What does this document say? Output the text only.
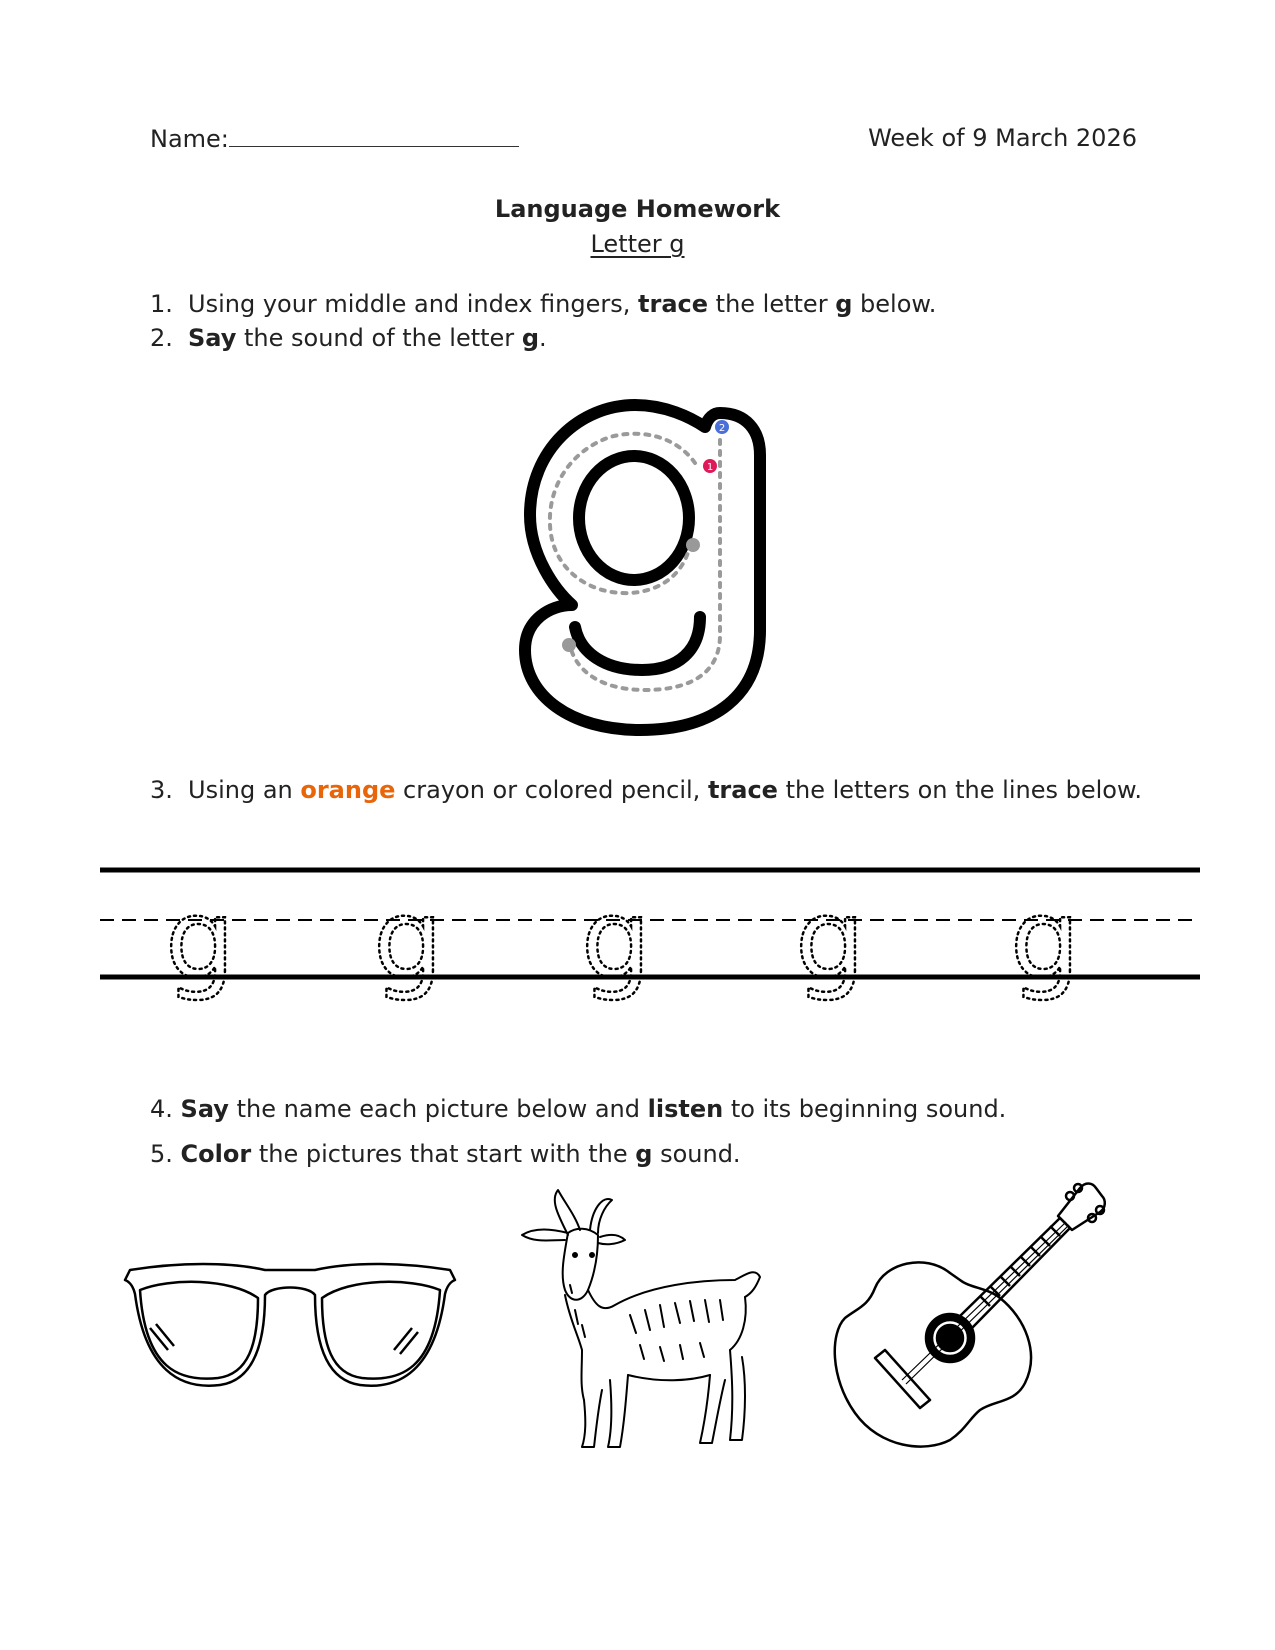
Name:	Week of 9 March 2026
Language Homework
Letter g
1. Using your middle and index fingers, trace the letter g below.
2. Say the sound of the letter g.
2
1
3. Using an orange crayon or colored pencil, trace the letters on the lines below.
g g g g g
4. Say the name each picture below and listen to its beginning sound.
5. Color the pictures that start with the g sound.
